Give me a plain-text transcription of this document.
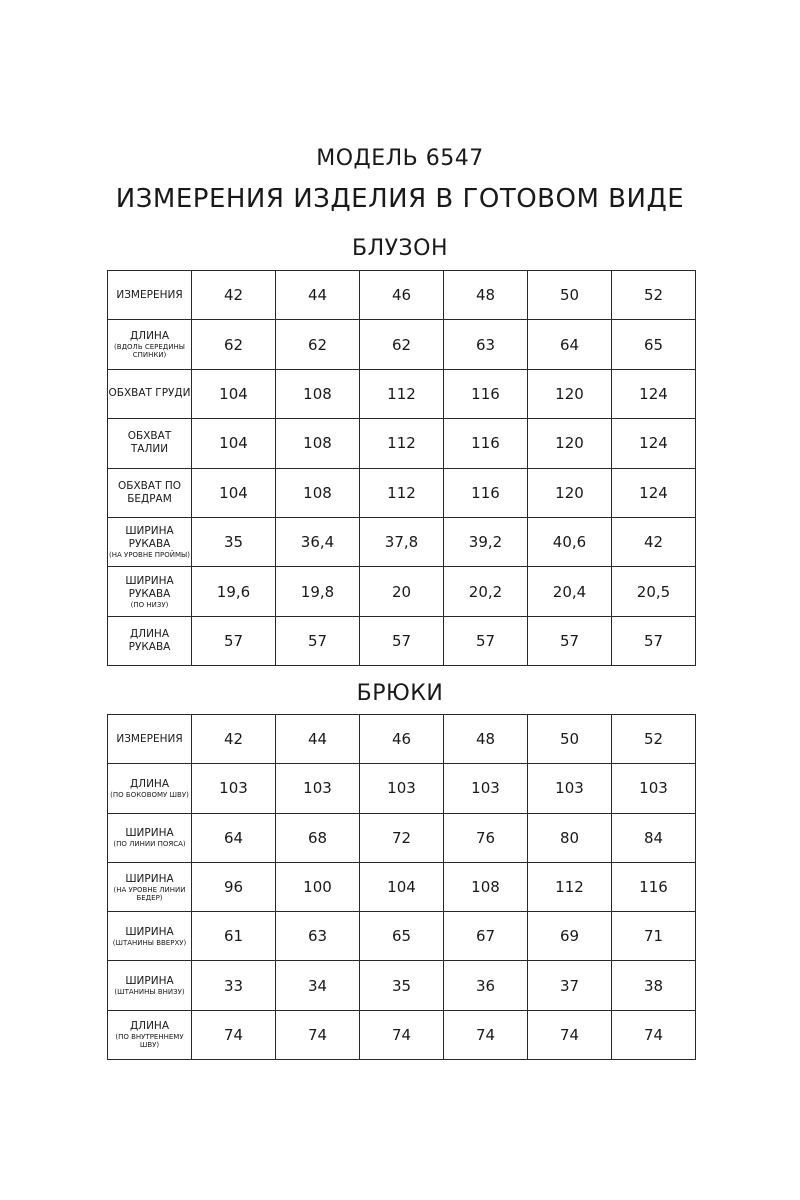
МОДЕЛЬ 6547
ИЗМЕРЕНИЯ ИЗДЕЛИЯ В ГОТОВОМ ВИДЕ
БЛУЗОН
ИЗМЕРЕНИЯ	42	44	46	48	50	52
ДЛИНА
(ВДОЛЬ СЕРЕДИНЫ СПИНКИ)	62	62	62	63	64	65
ОБХВАТ ГРУДИ	104	108	112	116	120	124
ОБХВАТ ТАЛИИ	104	108	112	116	120	124
ОБХВАТ ПО БЕДРАМ	104	108	112	116	120	124
ШИРИНА РУКАВА
(НА УРОВНЕ ПРОЙМЫ)	35	36,4	37,8	39,2	40,6	42
ШИРИНА РУКАВА
(ПО НИЗУ)	19,6	19,8	20	20,2	20,4	20,5
ДЛИНА РУКАВА	57	57	57	57	57	57
БРЮКИ
ИЗМЕРЕНИЯ	42	44	46	48	50	52
ДЛИНА
(ПО БОКОВОМУ ШВУ)	103	103	103	103	103	103
ШИРИНА
(ПО ЛИНИИ ПОЯСА)	64	68	72	76	80	84
ШИРИНА
(НА УРОВНЕ ЛИНИИ БЕДЕР)	96	100	104	108	112	116
ШИРИНА
(ШТАНИНЫ ВВЕРХУ)	61	63	65	67	69	71
ШИРИНА
(ШТАНИНЫ ВНИЗУ)	33	34	35	36	37	38
ДЛИНА
(ПО ВНУТРЕННЕМУ ШВУ)	74	74	74	74	74	74
